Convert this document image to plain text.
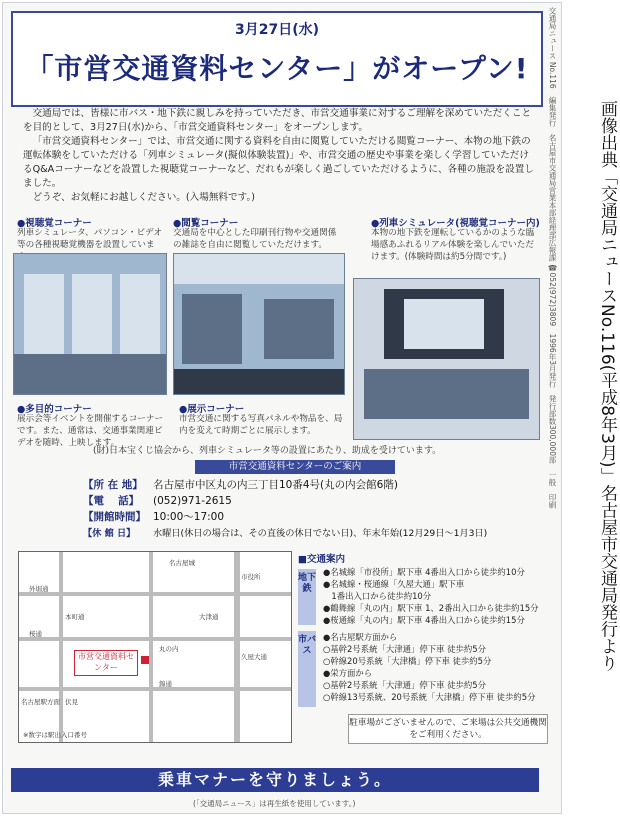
3月27日(水)
「市営交通資料センター」がオープン!

交通局では、皆様に市バス・地下鉄に親しみを持っていただき、市営交通事業に対するご理解を深めていただくことを目的として、3月27日(水)から、「市営交通資料センター」をオープンします。

「市営交通資料センター」では、市営交通に関する資料を自由に閲覧していただける閲覧コーナー、本物の地下鉄の運転体験をしていただける「列車シミュレータ(擬似体験装置)」や、市営交通の歴史や事業を楽しく学習していただけるQ&Aコーナーなどを設置した視聴覚コーナーなど、だれもが楽しく過ごしていただけるように、各種の施設を設置しました。

どうぞ、お気軽にお越しください。(入場無料です。)

●視聴覚コーナー
列車シミュレータ、パソコン・ビデオ等の各種視聴覚機器を設置していま
●閲覧コーナー
交通局を中心とした印刷刊行物や交通関係の雑誌を自由に閲覧していただけます。
●列車シミュレータ(視聴覚コーナー内)
本物の地下鉄を運転しているかのような臨場感あふれるリアル体験を楽しんでいただけます。(体験時間は約5分間です。)
●多目的コーナー
展示会等イベントを開催するコーナーです。また、通常は、交通事業関連ビデオを随時、上映します。
●展示コーナー
市営交通に関する写真パネルや物品を、局内を変えて時期ごとに展示します。
(財)日本宝くじ協会から、列車シミュレータ等の設置にあたり、助成を受けています。
市営交通資料センターのご案内
【所 在 地】 名古屋市中区丸の内三丁目10番4号(丸の内会館6階)
【電　 話】 (052)971-2615
【開館時間】 10:00〜17:00
【休 館 日】 水曜日(休日の場合は、その直後の休日でない日)、年末年始(12月29日〜1月3日)
名古屋城
外堀通
本町通	大津通
桜通
丸の内
久屋大通
市役所
名古屋駅方面 伏見
錦通
市営交通資料センター
※数字は駅出入口番号
■交通案内
地下鉄
●名城線「市役所」駅下車 4番出入口から徒歩約10分
●名城線・桜通線「久屋大通」駅下車
　1番出入口から徒歩約10分
●鶴舞線「丸の内」駅下車 1、2番出入口から徒歩約15分
●桜通線「丸の内」駅下車 4番出入口から徒歩約15分
市バス
●名古屋駅方面から
○基幹2号系統「大津通」停下車 徒歩約5分
○幹線20号系統「大津橋」停下車 徒歩約5分
●栄方面から
○基幹2号系統「大津通」停下車 徒歩約5分
○幹線13号系統、20号系統「大津橋」停下車 徒歩約5分
駐車場がございませんので、ご来場は公共交通機関をご利用ください。
乗車マナーを守りましょう。
(「交通局ニュース」は再生紙を使用しています。)
交通局ニュース No.116　編集発行　名古屋市交通局営業本部経理部広報課 ☎052(972)3809　1996年3月発行　発行部数300,000部　一般　印刷	画像出典「交通局ニュースNo.116(平成8年3月)」名古屋市交通局発行より
